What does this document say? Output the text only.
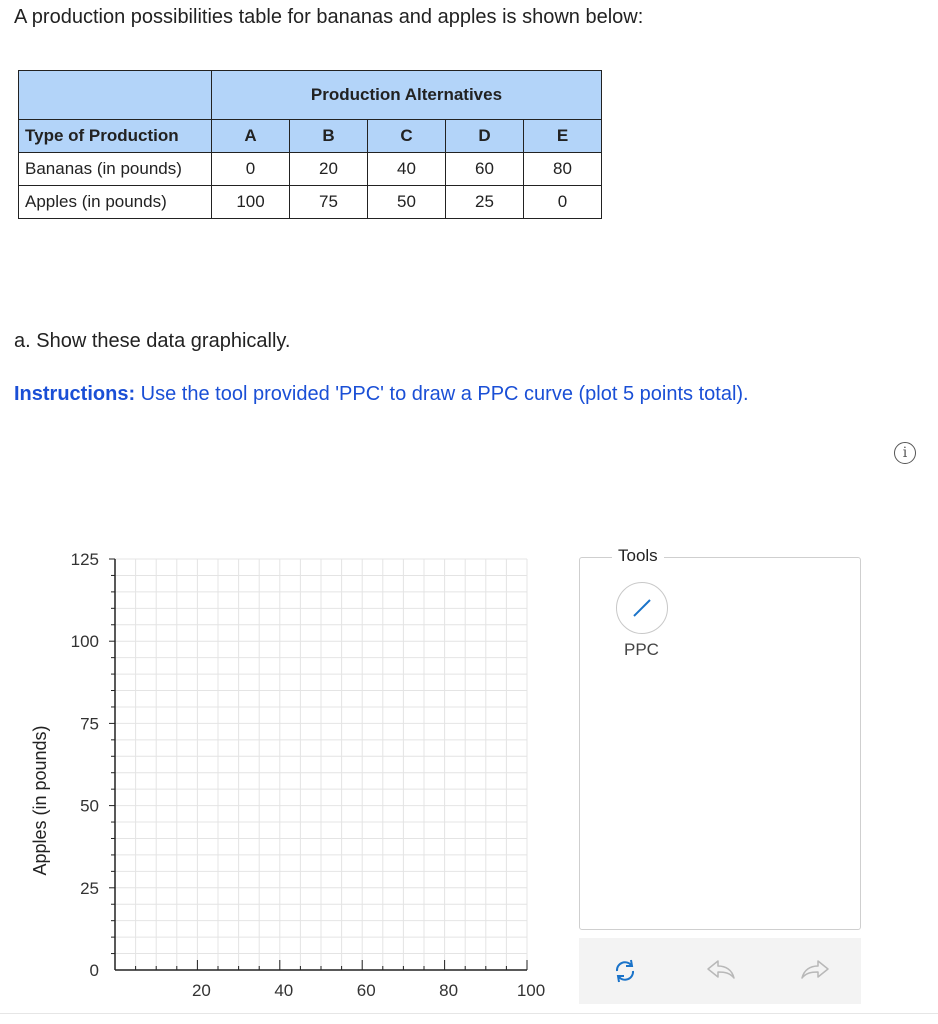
A production possibilities table for bananas and apples is shown below:
	Production Alternatives				
Type of Production	A	B	C	D	E
Bananas (in pounds)	0	20	40	60	80
Apples (in pounds)	100	75	50	25	0
a. Show these data graphically.
Instructions: Use the tool provided 'PPC' to draw a PPC curve (plot 5 points total).
i
125
100
75
50
25
0
20	40	60	80	100
Apples (in pounds)
Tools
PPC
